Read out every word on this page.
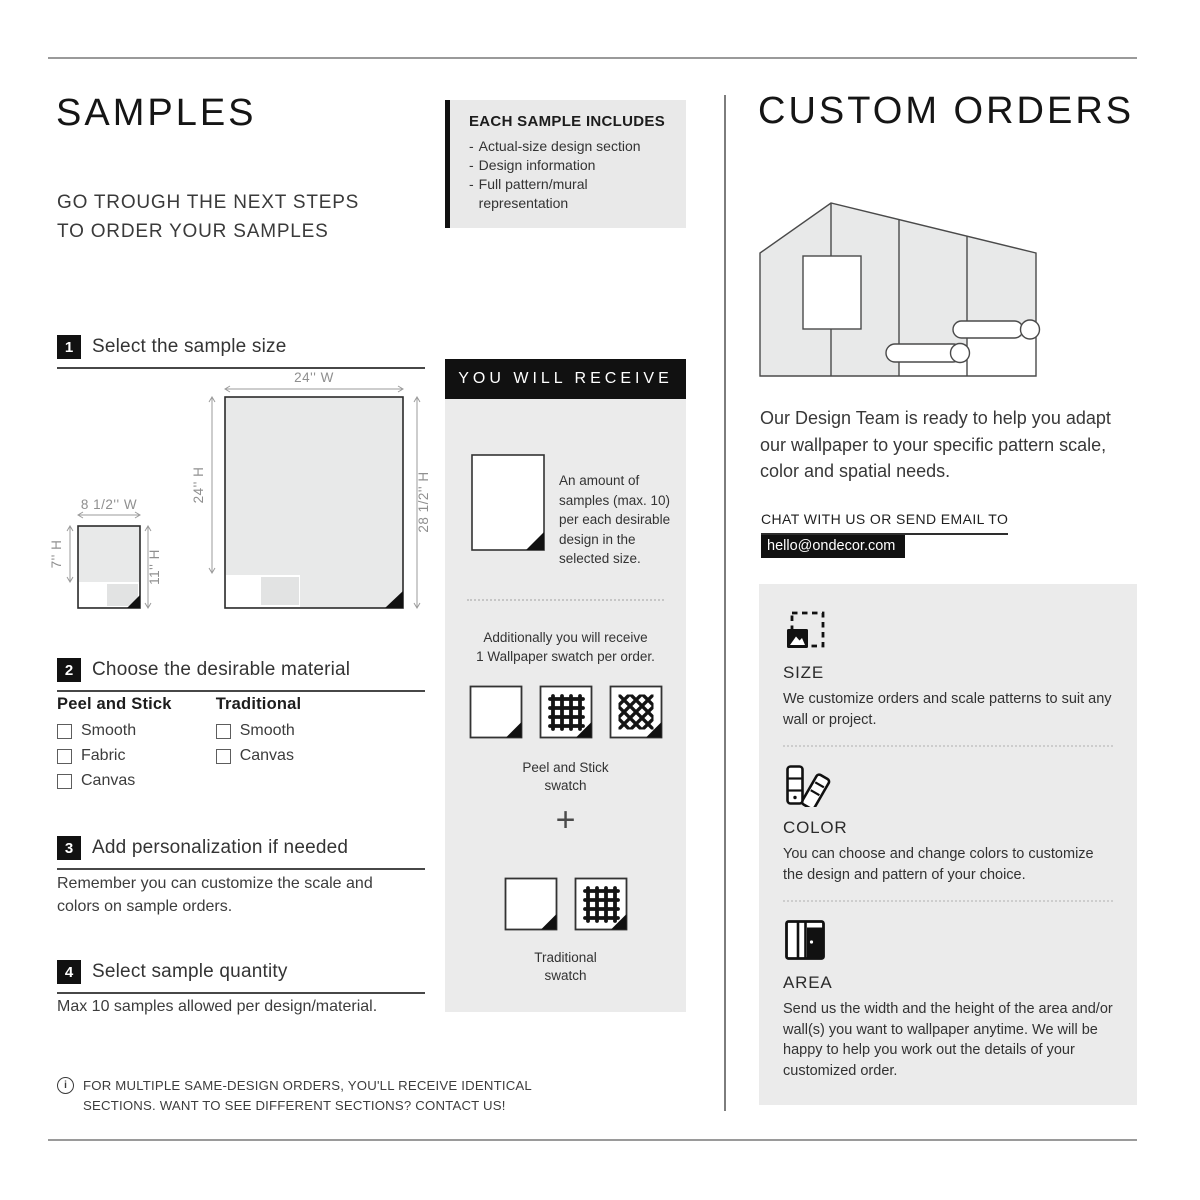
SAMPLES
GO TROUGH THE NEXT STEPS
TO ORDER YOUR SAMPLES
1 Select the sample size
8 1/2'' W
7'' H	11'' H
24'' W
24'' H	28 1/2'' H
2 Choose the desirable material
Peel and Stick
Smooth
Fabric
Canvas
Traditional
Smooth
Canvas
3 Add personalization if needed
Remember you can customize the scale and colors on sample orders.
4 Select sample quantity
Max 10 samples allowed per design/material.
i	FOR MULTIPLE SAME-DESIGN ORDERS, YOU'LL RECEIVE IDENTICAL
SECTIONS. WANT TO SEE DIFFERENT SECTIONS? CONTACT US!
EACH SAMPLE INCLUDES
- Actual-size design section
- Design information
- Full pattern/mural representation
YOU WILL RECEIVE
An amount of samples (max. 10) per each desirable design in the selected size.
Additionally you will receive
1 Wallpaper swatch per order.
Peel and Stick
swatch
+
Traditional
swatch
CUSTOM ORDERS
Our Design Team is ready to help you adapt our wallpaper to your specific pattern scale, color and spatial needs.
CHAT WITH US OR SEND EMAIL TO
hello@ondecor.com
SIZE
We customize orders and scale patterns to suit any wall or project.
COLOR
You can choose and change colors to customize the design and pattern of your choice.
AREA
Send us the width and the height of the area and/or wall(s) you want to wallpaper anytime. We will be happy to help you work out the details of your customized order.
